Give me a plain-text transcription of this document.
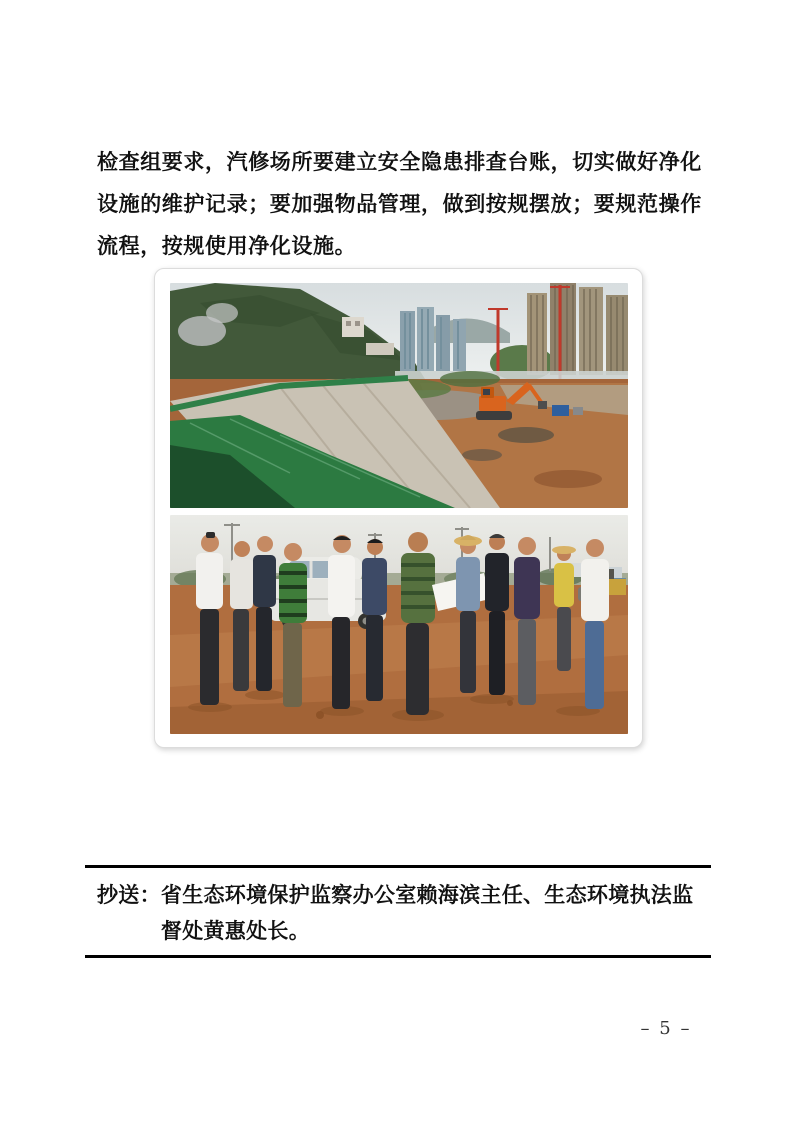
检查组要求，汽修场所要建立安全隐患排查台账，切实做好净化
设施的维护记录；要加强物品管理，做到按规摆放；要规范操作
流程，按规使用净化设施。
抄送： 省生态环境保护监察办公室赖海滨主任、生态环境执法监
督处黄惠处长。
– 5 –
